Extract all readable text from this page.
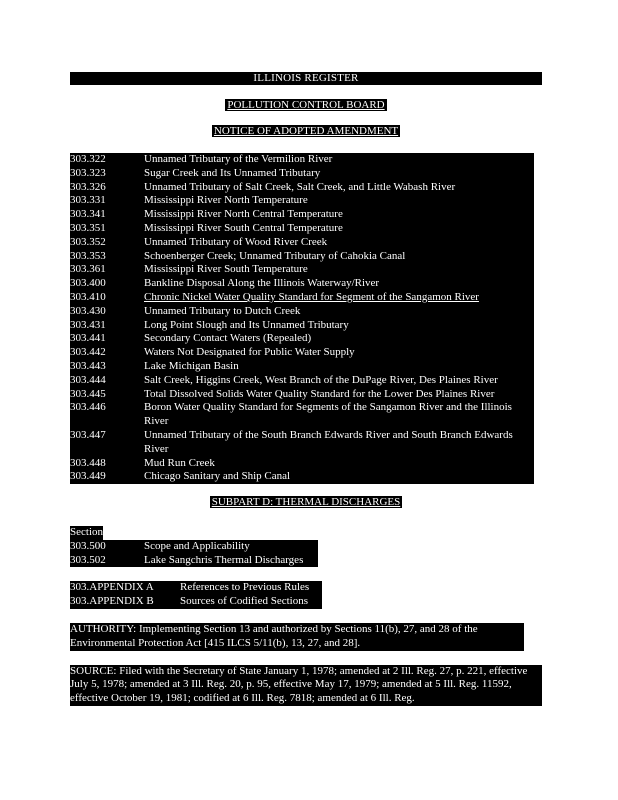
ILLINOIS REGISTER
POLLUTION CONTROL BOARD
NOTICE OF ADOPTED AMENDMENT
303.322	Unnamed Tributary of the Vermilion River
303.323	Sugar Creek and Its Unnamed Tributary
303.326	Unnamed Tributary of Salt Creek, Salt Creek, and Little Wabash River
303.331	Mississippi River North Temperature
303.341	Mississippi River North Central Temperature
303.351	Mississippi River South Central Temperature
303.352	Unnamed Tributary of Wood River Creek
303.353	Schoenberger Creek; Unnamed Tributary of Cahokia Canal
303.361	Mississippi River South Temperature
303.400	Bankline Disposal Along the Illinois Waterway/River
303.410	Chronic Nickel Water Quality Standard for Segment of the Sangamon River
303.430	Unnamed Tributary to Dutch Creek
303.431	Long Point Slough and Its Unnamed Tributary
303.441	Secondary Contact Waters (Repealed)
303.442	Waters Not Designated for Public Water Supply
303.443	Lake Michigan Basin
303.444	Salt Creek, Higgins Creek, West Branch of the DuPage River, Des Plaines River
303.445	Total Dissolved Solids Water Quality Standard for the Lower Des Plaines River
303.446	Boron Water Quality Standard for Segments of the Sangamon River and the Illinois River
303.447	Unnamed Tributary of the South Branch Edwards River and South Branch Edwards River
303.448	Mud Run Creek
303.449	Chicago Sanitary and Ship Canal
SUBPART D: THERMAL DISCHARGES
Section
303.500	Scope and Applicability
303.502	Lake Sangchris Thermal Discharges
303.APPENDIX A	References to Previous Rules
303.APPENDIX B	Sources of Codified Sections

AUTHORITY: Implementing Section 13 and authorized by Sections 11(b), 27, and 28 of the Environmental Protection Act [415 ILCS 5/11(b), 13, 27, and 28].

SOURCE: Filed with the Secretary of State January 1, 1978; amended at 2 Ill. Reg. 27, p. 221, effective July 5, 1978; amended at 3 Ill. Reg. 20, p. 95, effective May 17, 1979; amended at 5 Ill. Reg. 11592, effective October 19, 1981; codified at 6 Ill. Reg. 7818; amended at 6 Ill. Reg.
